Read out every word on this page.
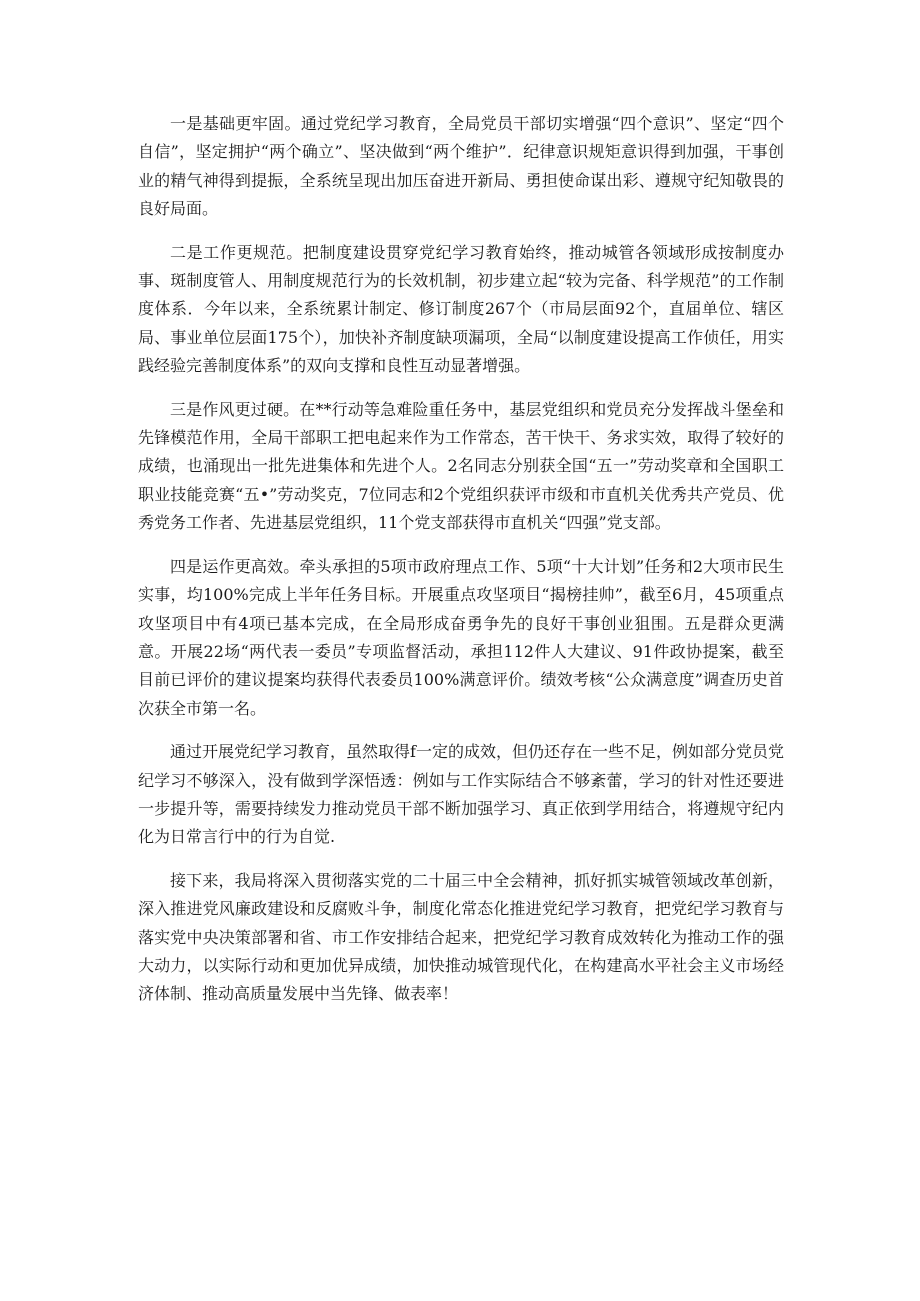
一是基础更牢固。通过党纪学习教育，全局党员干部切实增强“四个意识”、坚定“四个自信”，坚定拥护“两个确立”、坚决做到“两个维护”．纪律意识规矩意识得到加强，干事创业的精气神得到提振，全系统呈现出加压奋进开新局、勇担使命谋出彩、遵规守纪知敬畏的良好局面。

二是工作更规范。把制度建设贯穿党纪学习教育始终，推动城管各领域形成按制度办事、斑制度管人、用制度规范行为的长效机制，初步建立起“较为完备、科学规范”的工作制度体系．今年以来，全系统累计制定、修订制度267个（市局层面92个，直届单位、辖区局、事业单位层面175个），加快补齐制度缺项漏项，全局“以制度建设提高工作侦任，用实践经验完善制度体系”的双向支撑和良性互动显著增强。

三是作风更过硬。在**行动等急难险重任务中，基层党组织和党员充分发挥战斗堡垒和先锋模范作用，全局干部职工把电起来作为工作常态，苦干快干、务求实效，取得了较好的成绩，也涌现出一批先进集体和先进个人。2名同志分别获全国“五一”劳动奖章和全国职工职业技能竞赛“五•”劳动奖克，7位同志和2个党组织获评市级和市直机关优秀共产党员、优秀党务工作者、先进基层党组织，11个党支部获得市直机关“四强”党支部。

四是运作更高效。牵头承担的5项市政府理点工作、5项“十大计划”任务和2大项市民生实事，均100%完成上半年任务目标。开展重点攻坚项目“揭榜挂帅”，截至6月，45项重点攻坚项目中有4项已基本完成，在全局形成奋勇争先的良好干事创业狙围。五是群众更满意。开展22场“两代表一委员”专项监督活动，承担112件人大建议、91件政协提案，截至目前已评价的建议提案均获得代表委员100%满意评价。绩效考核“公众满意度”调查历史首次获全市第一名。

通过开展党纪学习教育，虽然取得f一定的成效，但仍还存在一些不足，例如部分党员党纪学习不够深入，没有做到学深悟透：例如与工作实际结合不够紊蕾，学习的针对性还要进一步提升等，需要持续发力推动党员干部不断加强学习、真正依到学用结合，将遵规守纪内化为日常言行中的行为自觉.

接下来，我局将深入贯彻落实党的二十届三中全会精神，抓好抓实城管领域改革创新，深入推进党风廉政建设和反腐败斗争，制度化常态化推进党纪学习教育，把党纪学习教育与落实党中央决策部署和省、市工作安排结合起来，把党纪学习教育成效转化为推动工作的强大动力，以实际行动和更加优异成绩，加快推动城管现代化，在构建高水平社会主义市场经济体制、推动高质量发展中当先锋、做表率！
